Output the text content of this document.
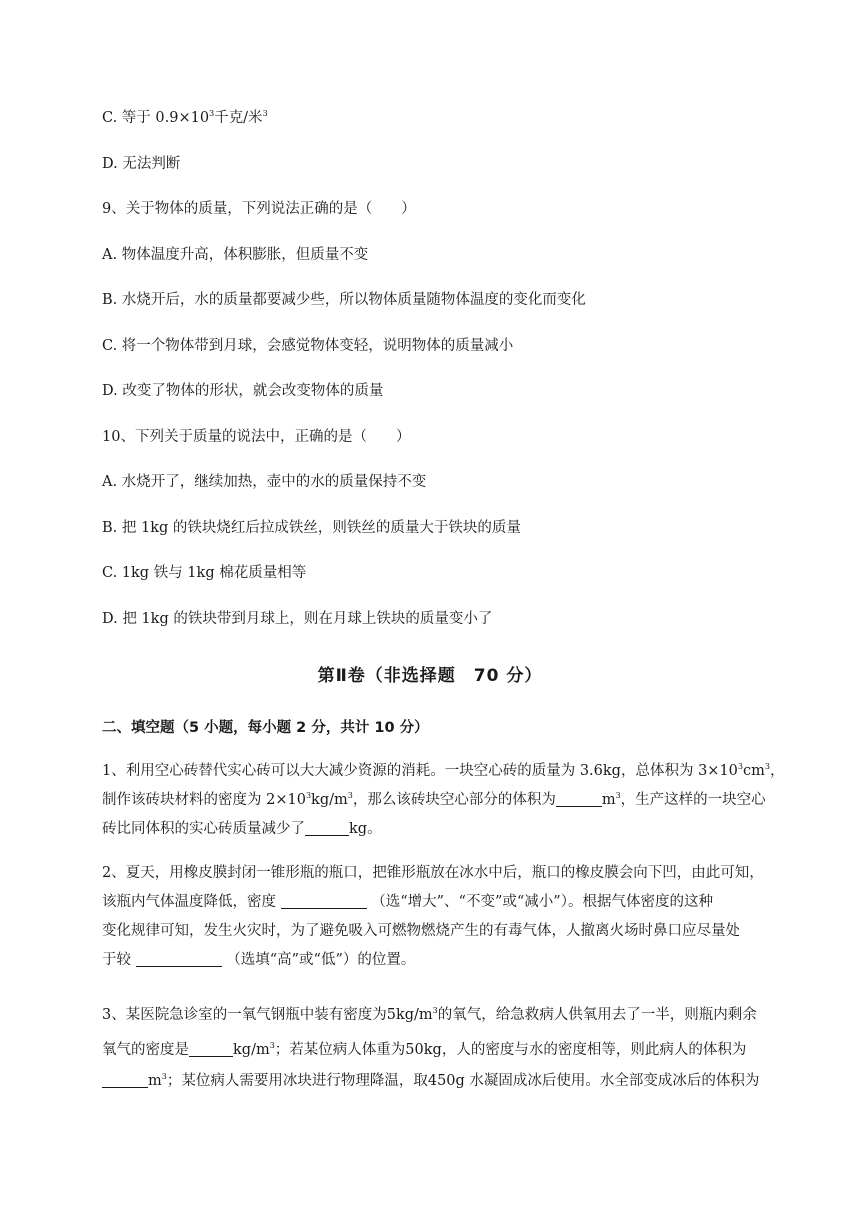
C. 等于 $0.9\times 10^3$千克/米$^3$
D. 无法判断
9、关于物体的质量，下列说法正确的是（　　）
A. 物体温度升高，体积膨胀，但质量不变
B. 水烧开后，水的质量都要减少些，所以物体质量随物体温度的变化而变化
C. 将一个物体带到月球，会感觉物体变轻，说明物体的质量减小
D. 改变了物体的形状，就会改变物体的质量
10、下列关于质量的说法中，正确的是（　　）
A. 水烧开了，继续加热，壶中的水的质量保持不变
B. 把 1kg 的铁块烧红后拉成铁丝，则铁丝的质量大于铁块的质量
C. 1kg 铁与 1kg 棉花质量相等
D. 把 1kg 的铁块带到月球上，则在月球上铁块的质量变小了
第Ⅱ卷（非选择题　70 分）
二、填空题（5 小题，每小题 2 分，共计 10 分）
1、利用空心砖替代实心砖可以大大减少资源的消耗。一块空心砖的质量为 3.6kg，总体积为 $3\times 10^3cm^3$，
制作该砖块材料的密度为 $2\times 10^3kg/m^3$，那么该砖块空心部分的体积为	$m^3$，生产这样的一块空心
砖比同体积的实心砖质量减少了	kg。
2、夏天，用橡皮膜封闭一锥形瓶的瓶口，把锥形瓶放在冰水中后，瓶口的橡皮膜会向下凹，由此可知，
该瓶内气体温度降低，密度	（选“增大”、“不变”或“减小”）。根据气体密度的这种
变化规律可知，发生火灾时，为了避免吸入可燃物燃烧产生的有毒气体，人撤离火场时鼻口应尽量处
于较	（选填“高”或“低”）的位置。
3、某医院急诊室的一氧气钢瓶中装有密度为$5kg/m^3$的氧气，给急救病人供氧用去了一半，则瓶内剩余
氧气的密度是	$kg/m^3$；若某位病人体重为50kg，人的密度与水的密度相等，则此病人的体积为
$m^3$；某位病人需要用冰块进行物理降温，取450g 水凝固成冰后使用。水全部变成冰后的体积为
